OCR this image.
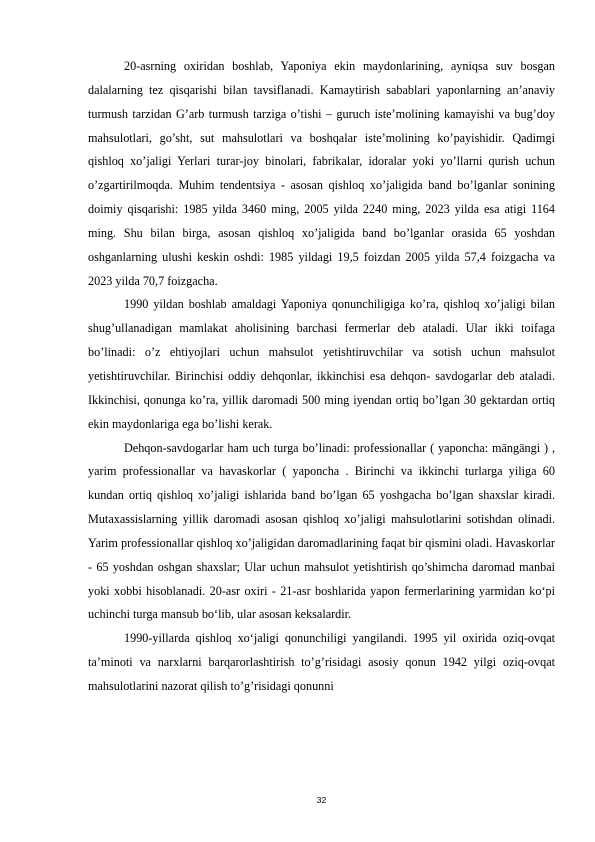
20-asrning oxiridan boshlab, Yaponiya ekin maydonlarining, ayniqsa suv bosgan dalalarning tez qisqarishi bilan tavsiflanadi. Kamaytirish sabablari yaponlarning an’anaviy turmush tarzidan G’arb turmush tarziga o’tishi – guruch iste’molining kamayishi va bug’doy mahsulotlari, go’sht, sut mahsulotlari va boshqalar iste’molining ko’payishidir. Qadimgi qishloq xo’jaligi Yerlari turar-joy binolari, fabrikalar, idoralar yoki yo’llarni qurish uchun o’zgartirilmoqda. Muhim tendentsiya - asosan qishloq xo’jaligida band bo’lganlar sonining doimiy qisqarishi: 1985 yilda 3460 ming, 2005 yilda 2240 ming, 2023 yilda esa atigi 1164 ming. Shu bilan birga, asosan qishloq xo’jaligida band bo’lganlar orasida 65 yoshdan oshganlarning ulushi keskin oshdi: 1985 yildagi 19,5 foizdan 2005 yilda 57,4 foizgacha va 2023 yilda 70,7 foizgacha.

1990 yildan boshlab amaldagi Yaponiya qonunchiligiga ko’ra, qishloq xo’jaligi bilan shug’ullanadigan mamlakat aholisining barchasi fermerlar deb ataladi. Ular ikki toifaga bo’linadi: o’z ehtiyojlari uchun mahsulot yetishtiruvchilar va sotish uchun mahsulot yetishtiruvchilar. Birinchisi oddiy dehqonlar, ikkinchisi esa dehqon- savdogarlar deb ataladi. Ikkinchisi, qonunga ko’ra, yillik daromadi 500 ming iyendan ortiq bo’lgan 30 gektardan ortiq ekin maydonlariga ega bo’lishi kerak.

Dehqon-savdogarlar ham uch turga bo’linadi: professionallar ( yaponcha: māngāngi ) , yarim professionallar va havaskorlar ( yaponcha . Birinchi va ikkinchi turlarga yiliga 60 kundan ortiq qishloq xo’jaligi ishlarida band bo’lgan 65 yoshgacha bo’lgan shaxslar kiradi. Mutaxassislarning yillik daromadi asosan qishloq xo’jaligi mahsulotlarini sotishdan olinadi. Yarim professionallar qishloq xo’jaligidan daromadlarining faqat bir qismini oladi. Havaskorlar - 65 yoshdan oshgan shaxslar; Ular uchun mahsulot yetishtirish qo’shimcha daromad manbai yoki xobbi hisoblanadi. 20-asr oxiri - 21-asr boshlarida yapon fermerlarining yarmidan ko‘pi uchinchi turga mansub bo‘lib, ular asosan keksalardir.

1990-yillarda qishloq xo‘jaligi qonunchiligi yangilandi. 1995 yil oxirida oziq-ovqat ta’minoti va narxlarni barqarorlashtirish to’g’risidagi asosiy qonun 1942 yilgi oziq-ovqat mahsulotlarini nazorat qilish to’g’risidagi qonunni

32
